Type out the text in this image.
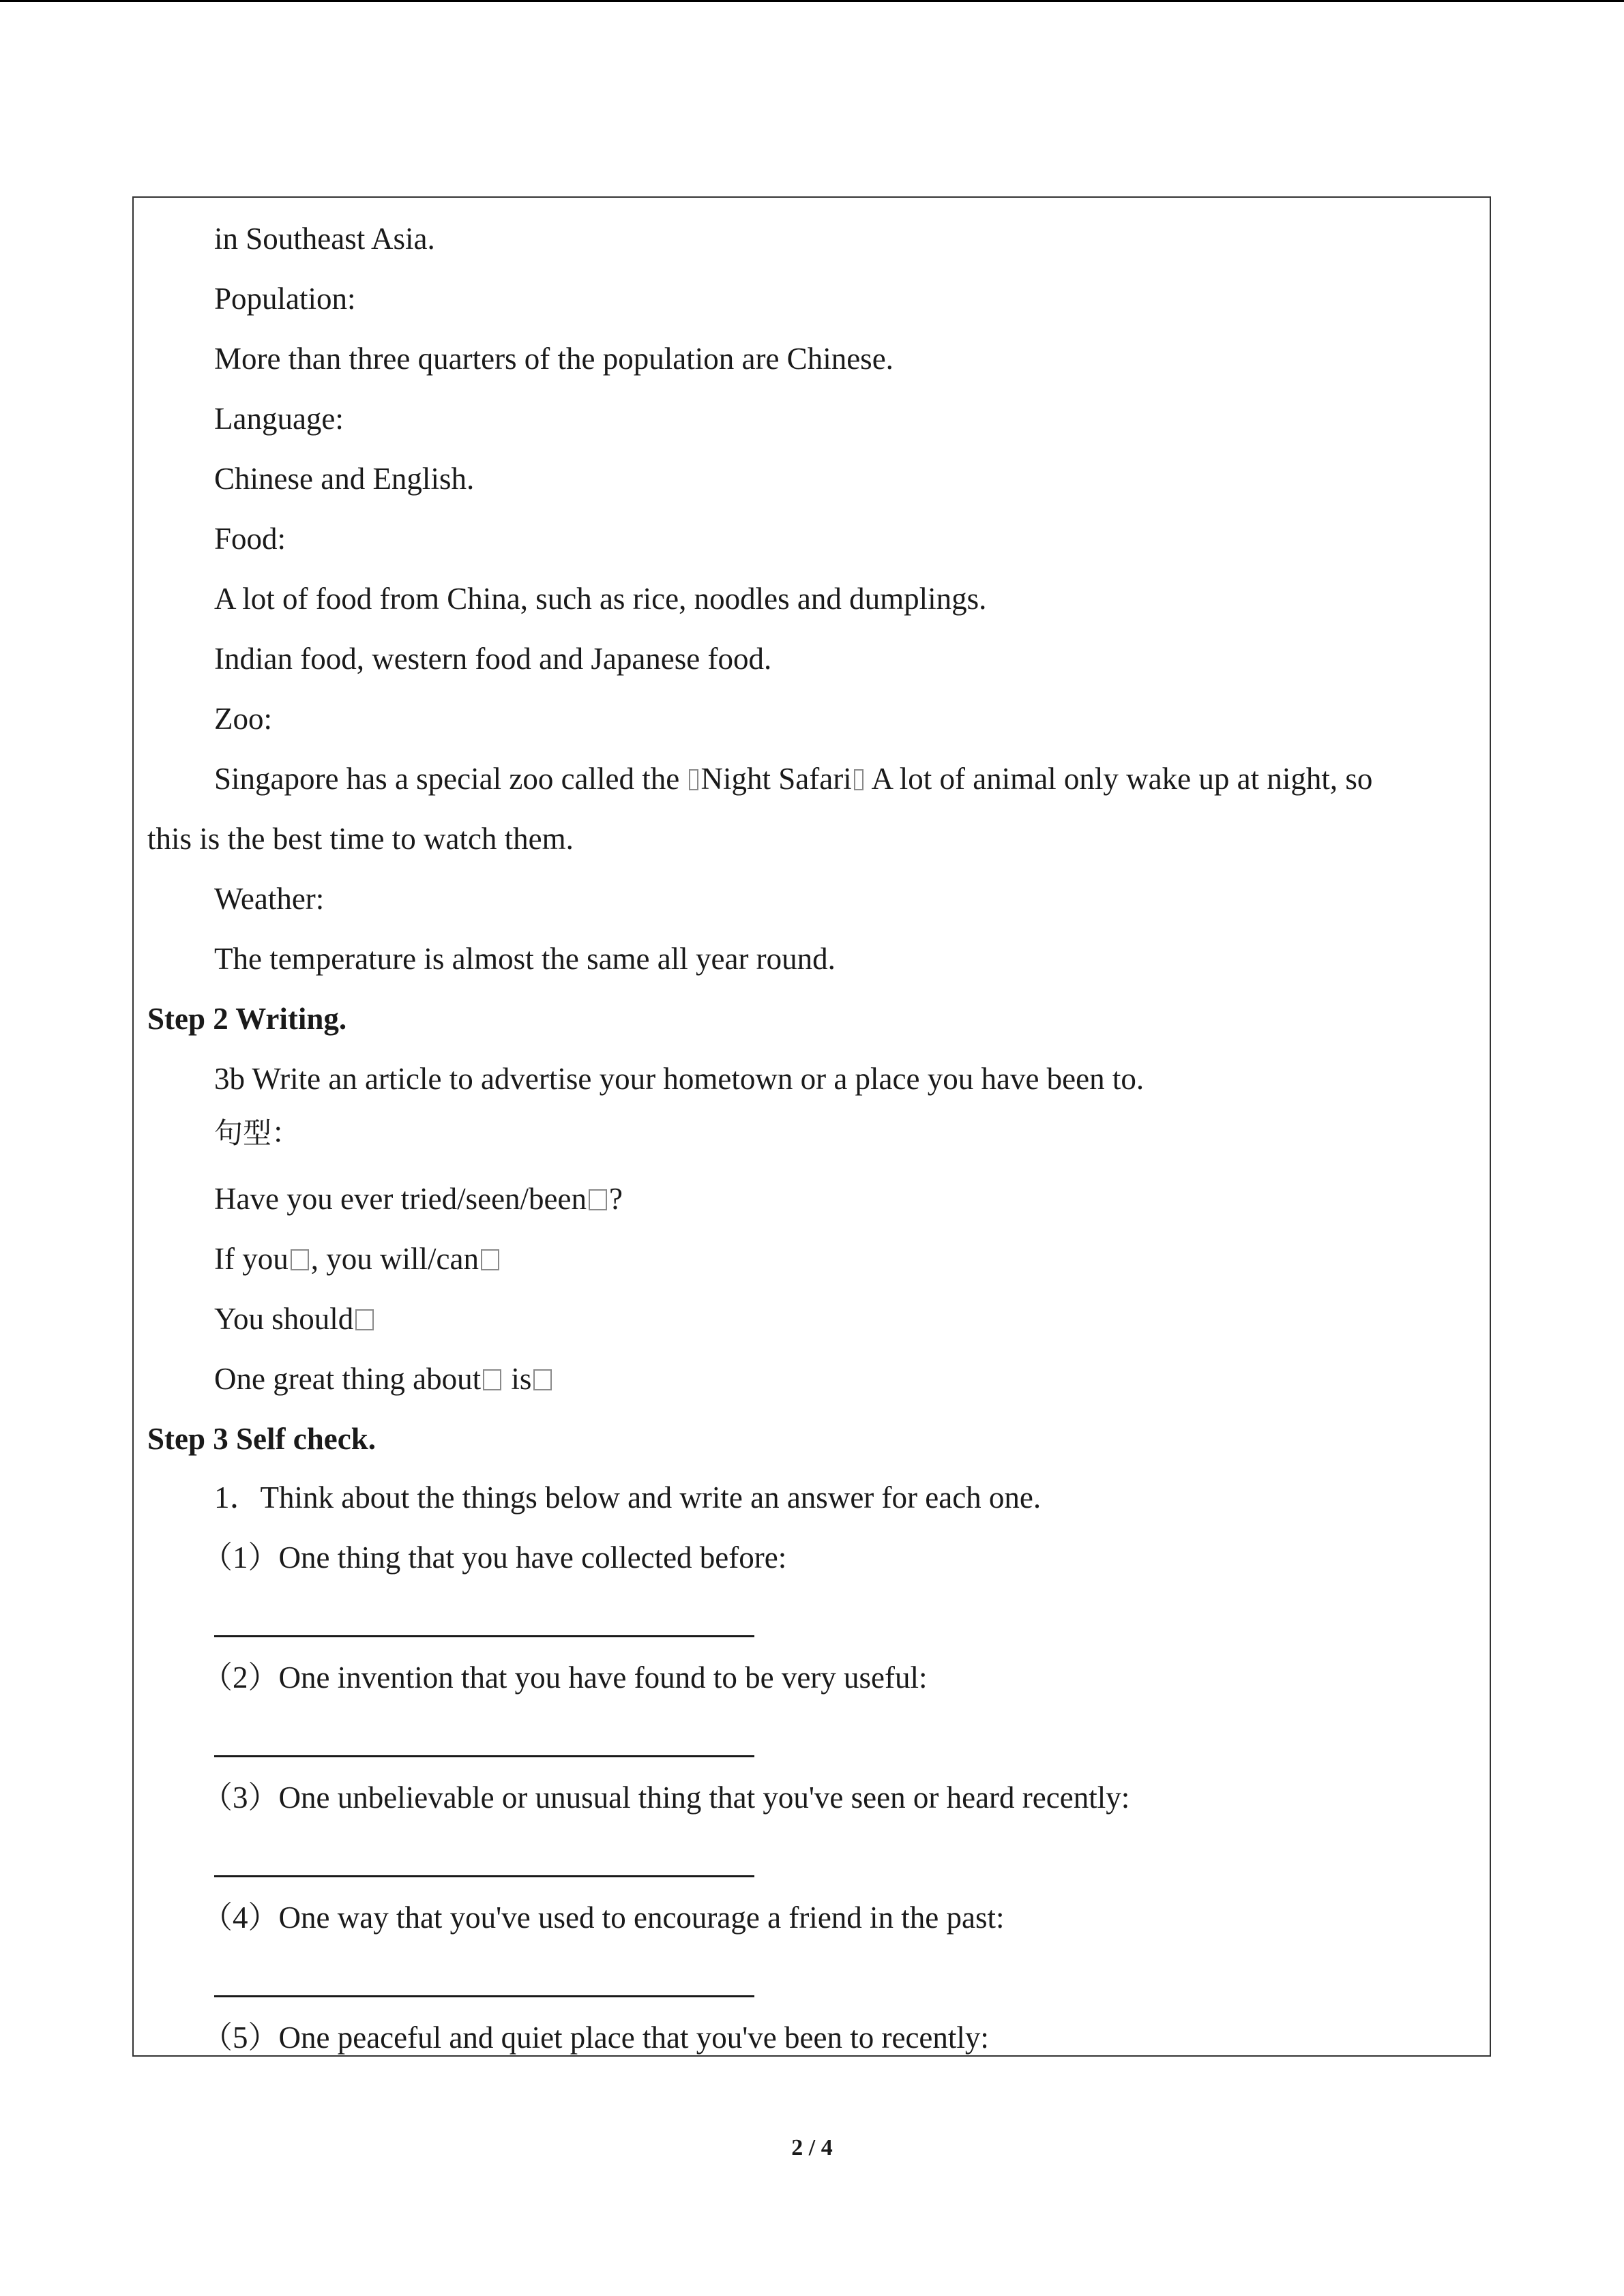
in Southeast Asia.
Population:
More than three quarters of the population are Chinese.
Language:
Chinese and English.
Food:
A lot of food from China, such as rice, noodles and dumplings.
Indian food, western food and Japanese food.
Zoo:
Singapore has a special zoo called the Night Safari A lot of animal only wake up at night, so
this is the best time to watch them.
Weather:
The temperature is almost the same all year round.
Step 2 Writing.
3b Write an article to advertise your hometown or a place you have been to.
句型：
Have you ever tried/seen/been ?
If you , you will/can
You should
One great thing about is
Step 3 Self check.
1．Think about the things below and write an answer for each one.
（1）One thing that you have collected before:
（2）One invention that you have found to be very useful:
（3）One unbelievable or unusual thing that you've seen or heard recently:
（4）One way that you've used to encourage a friend in the past:
（5）One peaceful and quiet place that you've been to recently:
2 / 4
